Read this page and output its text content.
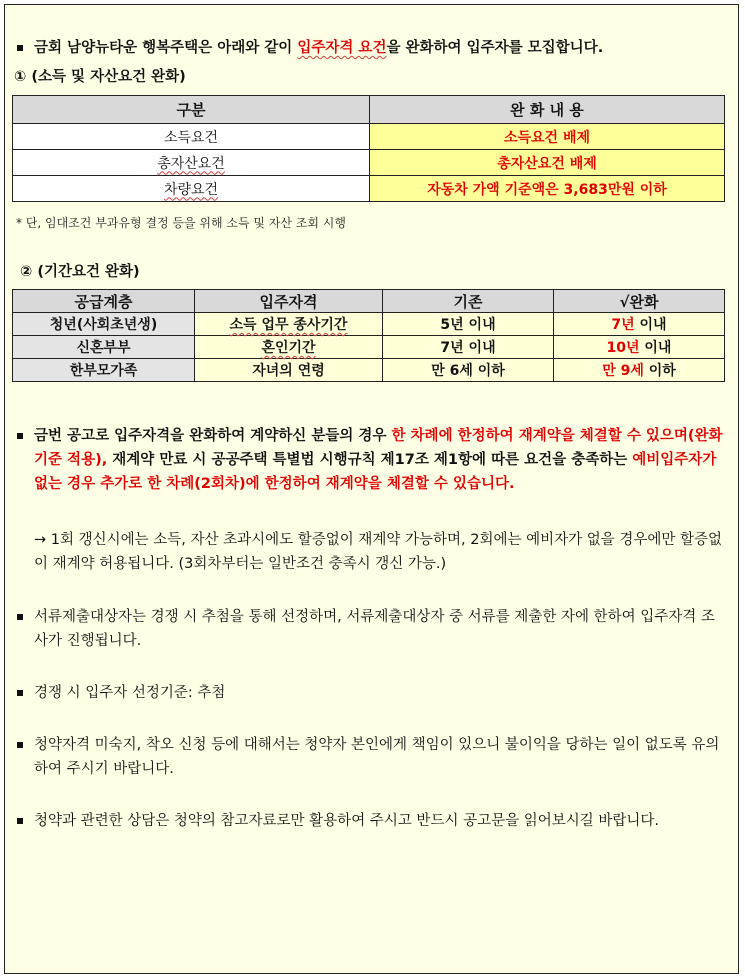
금회 남양뉴타운 행복주택은 아래와 같이 입주자격 요건을 완화하여 입주자를 모집합니다.
① (소득 및 자산요건 완화)
구분	완 화 내 용
소득요건	소득요건 배제
총자산요건	총자산요건 배제
차량요건	자동차 가액 기준액은 3,683만원 이하
* 단, 임대조건 부과유형 결정 등을 위해 소득 및 자산 조회 시행
② (기간요건 완화)
공급계층	입주자격	기존	√완화
청년(사회초년생)	소득 업무 종사기간	5년 이내	7년 이내
신혼부부	혼인기간	7년 이내	10년 이내
한부모가족	자녀의 연령	만 6세 이하	만 9세 이하
금번 공고로 입주자격을 완화하여 계약하신 분들의 경우 한 차례에 한정하여 재계약을 체결할 수 있으며(완화기준 적용), 재계약 만료 시 공공주택 특별법 시행규칙 제17조 제1항에 따른 요건을 충족하는 예비입주자가 없는 경우 추가로 한 차례(2회차)에 한정하여 재계약을 체결할 수 있습니다.
→ 1회 갱신시에는 소득, 자산 초과시에도 할증없이 재계약 가능하며, 2회에는 예비자가 없을 경우에만 할증없이 재계약 허용됩니다. (3회차부터는 일반조건 충족시 갱신 가능.)
서류제출대상자는 경쟁 시 추첨을 통해 선정하며, 서류제출대상자 중 서류를 제출한 자에 한하여 입주자격 조사가 진행됩니다.
경쟁 시 입주자 선정기준: 추첨
청약자격 미숙지, 착오 신청 등에 대해서는 청약자 본인에게 책임이 있으니 불이익을 당하는 일이 없도록 유의하여 주시기 바랍니다.
청약과 관련한 상담은 청약의 참고자료로만 활용하여 주시고 반드시 공고문을 읽어보시길 바랍니다.
